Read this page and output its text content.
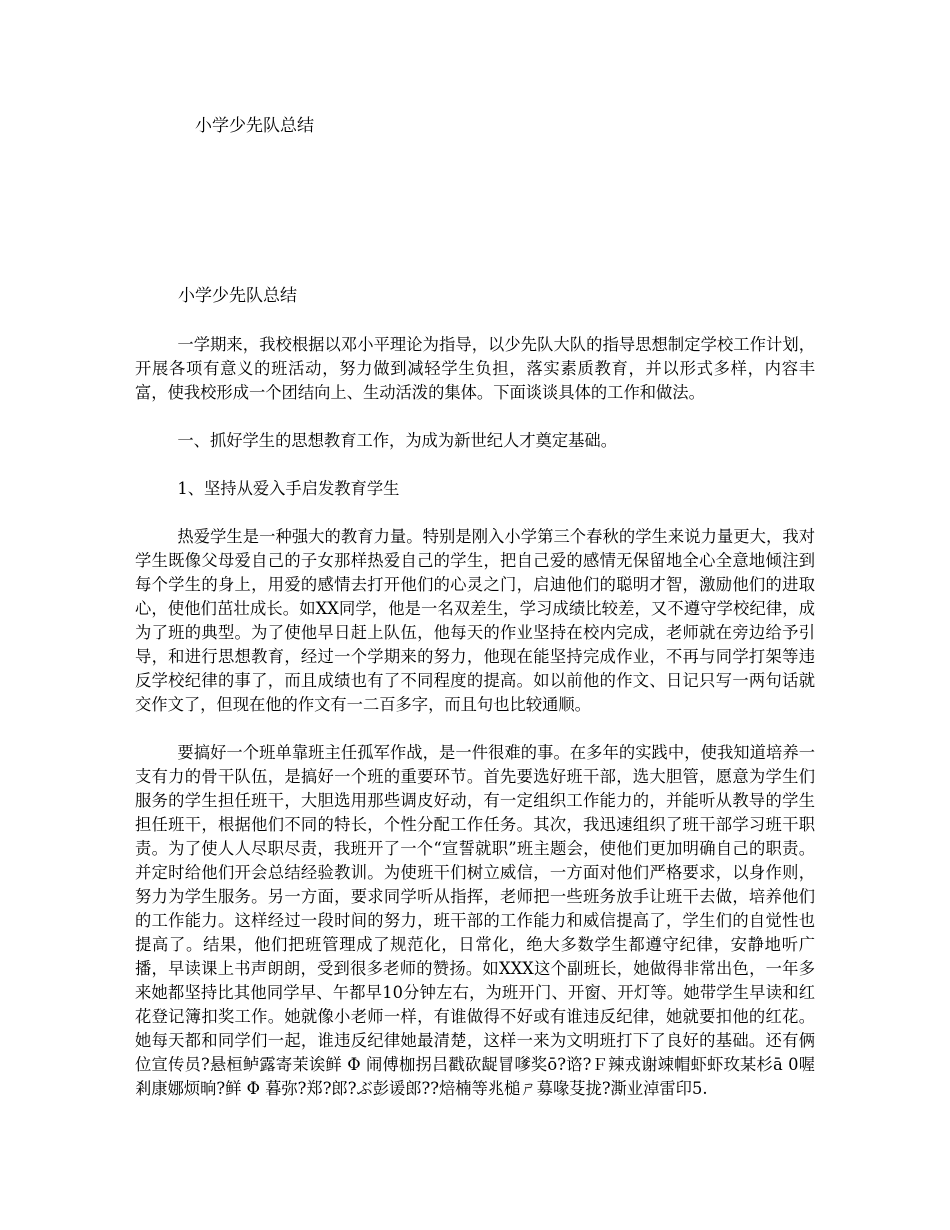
小学少先队总结
小学少先队总结

一学期来，我校根据以邓小平理论为指导，以少先队大队的指导思想制定学校工作计划，开展各项有意义的班活动，努力做到减轻学生负担，落实素质教育，并以形式多样，内容丰富，使我校形成一个团结向上、生动活泼的集体。下面谈谈具体的工作和做法。

一、抓好学生的思想教育工作，为成为新世纪人才奠定基础。

1、坚持从爱入手启发教育学生

热爱学生是一种强大的教育力量。特别是刚入小学第三个春秋的学生来说力量更大，我对学生既像父母爱自己的子女那样热爱自己的学生，把自己爱的感情无保留地全心全意地倾注到每个学生的身上，用爱的感情去打开他们的心灵之门，启迪他们的聪明才智，激励他们的进取心，使他们茁壮成长。如XX同学，他是一名双差生，学习成绩比较差，又不遵守学校纪律，成为了班的典型。为了使他早日赶上队伍，他每天的作业坚持在校内完成，老师就在旁边给予引导，和进行思想教育，经过一个学期来的努力，他现在能坚持完成作业，不再与同学打架等违反学校纪律的事了，而且成绩也有了不同程度的提高。如以前他的作文、日记只写一两句话就交作文了，但现在他的作文有一二百多字，而且句也比较通顺。

要搞好一个班单靠班主任孤军作战，是一件很难的事。在多年的实践中，使我知道培养一支有力的骨干队伍，是搞好一个班的重要环节。首先要选好班干部，选大胆管，愿意为学生们服务的学生担任班干，大胆选用那些调皮好动，有一定组织工作能力的，并能听从教导的学生担任班干，根据他们不同的特长，个性分配工作任务。其次，我迅速组织了班干部学习班干职责。为了使人人尽职尽责，我班开了一个“宣誓就职”班主题会，使他们更加明确自己的职责。并定时给他们开会总结经验教训。为使班干们树立威信，一方面对他们严格要求，以身作则，努力为学生服务。另一方面，要求同学听从指挥，老师把一些班务放手让班干去做，培养他们的工作能力。这样经过一段时间的努力，班干部的工作能力和威信提高了，学生们的自觉性也提高了。结果，他们把班管理成了规范化，日常化，绝大多数学生都遵守纪律，安静地听广播，早读课上书声朗朗，受到很多老师的赞扬。如XXX这个副班长，她做得非常出色，一年多来她都坚持比其他同学早、午都早10分钟左右，为班开门、开窗、开灯等。她带学生早读和红花登记簿扣奖工作。她就像小老师一样，有谁做得不好或有谁违反纪律，她就要扣他的红花。她每天都和同学们一起，谁违反纪律她最清楚，这样一来为文明班打下了良好的基础。还有俩位宣传员?悬桓鲈露寄茉诶鲜 Φ 闹傅枷拐吕戳砍龊冒嗲奖ō?谘?Ｆ辣戎谢竦帽虾虾玫某杉ā 0喔剎康娜烦晌?鲜 Φ 暮弥?郑?郎?ぶ彭谖郎??焙楠等兆槌ㄕ募喙芟拢?澌业淖雷印5.
